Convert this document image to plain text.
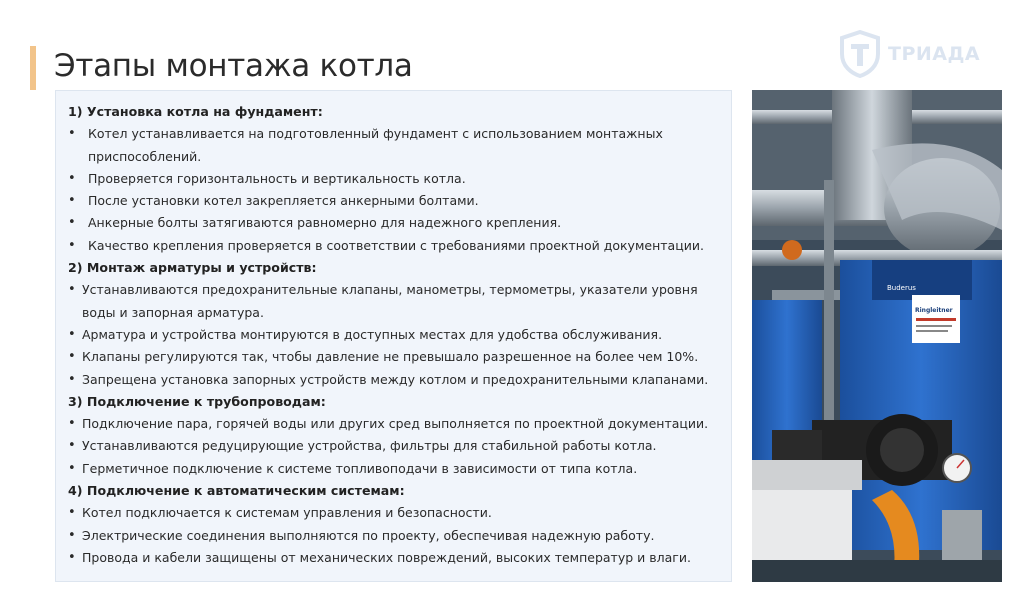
Этапы монтажа котла	ТРИАДА
1) Установка котла на фундамент:
• Котел устанавливается на подготовленный фундамент с использованием монтажных приспособлений.
• Проверяется горизонтальность и вертикальность котла.
• После установки котел закрепляется анкерными болтами.
• Анкерные болты затягиваются равномерно для надежного крепления.
• Качество крепления проверяется в соответствии с требованиями проектной документации.
2) Монтаж арматуры и устройств:
• Устанавливаются предохранительные клапаны, манометры, термометры, указатели уровня воды и запорная арматура.
• Арматура и устройства монтируются в доступных местах для удобства обслуживания.
• Клапаны регулируются так, чтобы давление не превышало разрешенное на более чем 10%.
• Запрещена установка запорных устройств между котлом и предохранительными клапанами.
3) Подключение к трубопроводам:
• Подключение пара, горячей воды или других сред выполняется по проектной документации.
• Устанавливаются редуцирующие устройства, фильтры для стабильной работы котла.
• Герметичное подключение к системе топливоподачи в зависимости от типа котла.
4) Подключение к автоматическим системам:
• Котел подключается к системам управления и безопасности.
• Электрические соединения выполняются по проекту, обеспечивая надежную работу.
• Провода и кабели защищены от механических повреждений, высоких температур и влаги.
Buderus
Ringleitner
